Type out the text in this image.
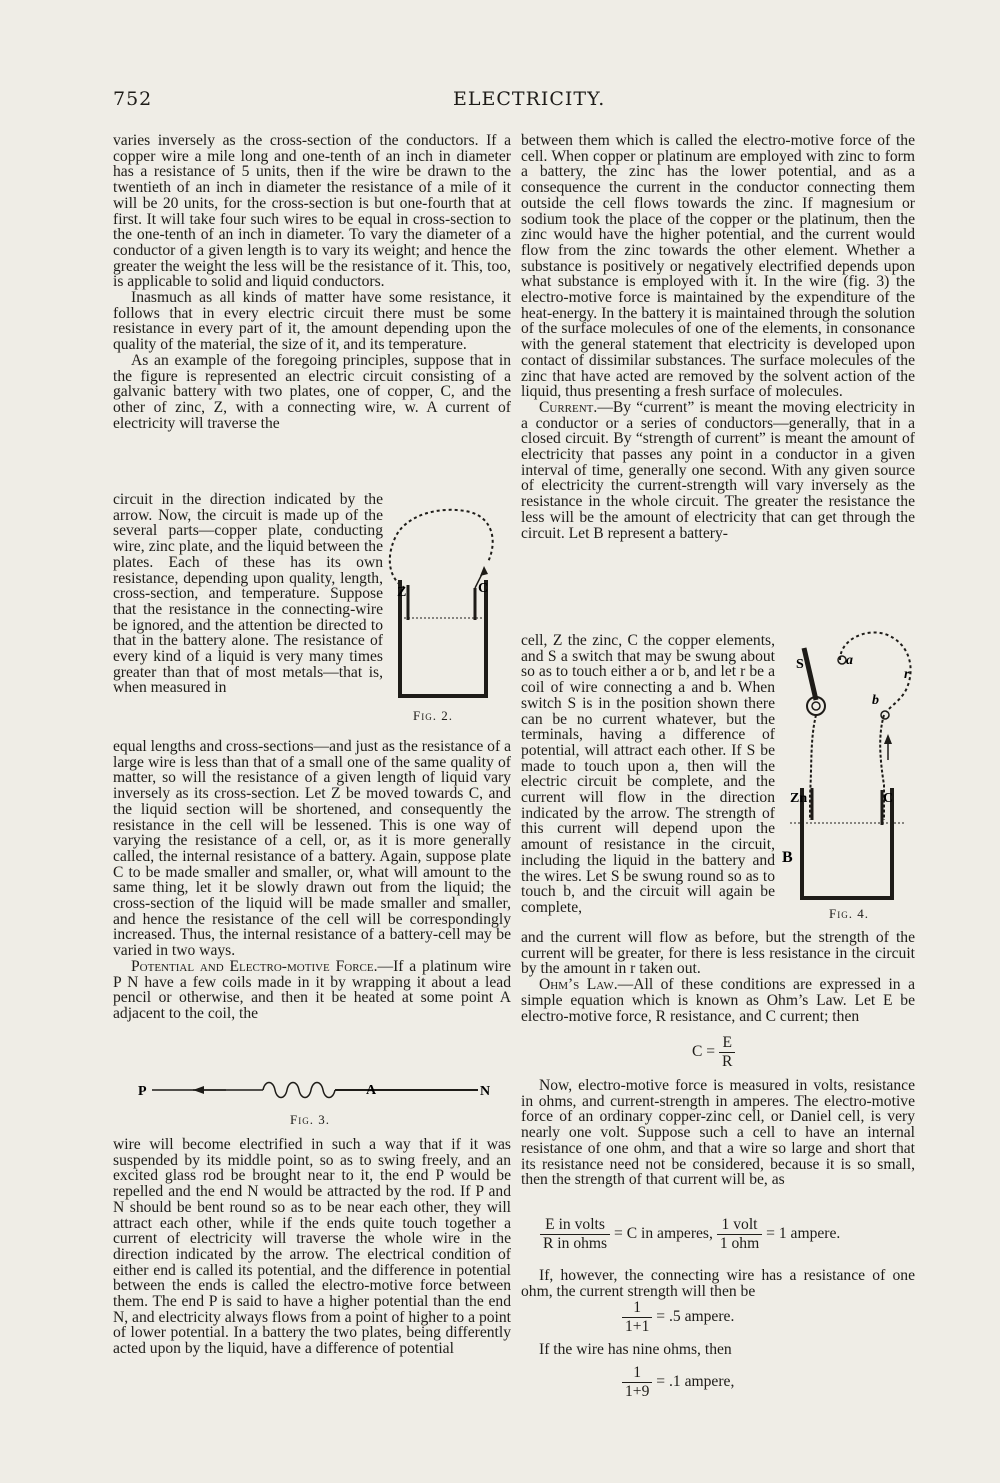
752	ELECTRICITY.

varies inversely as the cross-section of the conductors. If a copper wire a mile long and one-tenth of an inch in diameter has a resistance of 5 units, then if the wire be drawn to the twentieth of an inch in diameter the resistance of a mile of it will be 20 units, for the cross-section is but one-fourth that at first. It will take four such wires to be equal in cross-section to the one-tenth of an inch in diameter. To vary the diameter of a conductor of a given length is to vary its weight; and hence the greater the weight the less will be the resistance of it. This, too, is applicable to solid and liquid conductors.

Inasmuch as all kinds of matter have some resistance, it follows that in every electric circuit there must be some resistance in every part of it, the amount depending upon the quality of the material, the size of it, and its temperature.

As an example of the foregoing principles, suppose that in the figure is represented an electric circuit consisting of a galvanic battery with two plates, one of copper, C, and the other of zinc, Z, with a connecting wire, w. A current of electricity will traverse the

circuit in the direction indicated by the arrow. Now, the circuit is made up of the several parts—copper plate, conducting wire, zinc plate, and the liquid between the plates. Each of these has its own resistance, depending upon quality, length, cross-section, and temperature. Suppose that the resistance in the connecting-wire be ignored, and the attention be directed to that in the battery alone. The resistance of every kind of a liquid is very many times greater than that of most metals—that is, when measured in

equal lengths and cross-sections—and just as the resistance of a large wire is less than that of a small one of the same quality of matter, so will the resistance of a given length of liquid vary inversely as its cross-section. Let Z be moved towards C, and the liquid section will be shortened, and consequently the resistance in the cell will be lessened. This is one way of varying the resistance of a cell, or, as it is more generally called, the internal resistance of a battery. Again, suppose plate C to be made smaller and smaller, or, what will amount to the same thing, let it be slowly drawn out from the liquid; the cross-section of the liquid will be made smaller and smaller, and hence the resistance of the cell will be correspondingly increased. Thus, the internal resistance of a battery-cell may be varied in two ways.

Potential and Electro-motive Force.—If a platinum wire P N have a few coils made in it by wrapping it about a lead pencil or otherwise, and then it be heated at some point A adjacent to the coil, the

wire will become electrified in such a way that if it was suspended by its middle point, so as to swing freely, and an excited glass rod be brought near to it, the end P would be repelled and the end N would be attracted by the rod. If P and N should be bent round so as to be near each other, they will attract each other, while if the ends quite touch together a current of electricity will traverse the whole wire in the direction indicated by the arrow. The electrical condition of either end is called its potential, and the difference in potential between the ends is called the electro-motive force between them. The end P is said to have a higher potential than the end N, and electricity always flows from a point of higher to a point of lower potential. In a battery the two plates, being differently acted upon by the liquid, have a difference of potential

Z	C
Fig. 2.
P	A	N
Fig. 3.

between them which is called the electro-motive force of the cell. When copper or platinum are employed with zinc to form a battery, the zinc has the lower potential, and as a consequence the current in the conductor connecting them outside the cell flows towards the zinc. If magnesium or sodium took the place of the copper or the platinum, then the zinc would have the higher potential, and the current would flow from the zinc towards the other element. Whether a substance is positively or negatively electrified depends upon what substance is employed with it. In the wire (fig. 3) the electro-motive force is maintained by the expenditure of the heat-energy. In the battery it is maintained through the solution of the surface molecules of one of the elements, in consonance with the general statement that electricity is developed upon contact of dissimilar substances. The surface molecules of the zinc that have acted are removed by the solvent action of the liquid, thus presenting a fresh surface of molecules.

Current.—By “current” is meant the moving electricity in a conductor or a series of conductors—generally, that in a closed circuit. By “strength of current” is meant the amount of electricity that passes any point in a conductor in a given interval of time, generally one second. With any given source of electricity the current-strength will vary inversely as the resistance in the whole circuit. The greater the resistance the less will be the amount of electricity that can get through the circuit. Let B represent a battery-

cell, Z the zinc, C the copper elements, and S a switch that may be swung about so as to touch either a or b, and let r be a coil of wire connecting a and b. When switch S is in the position shown there can be no current whatever, but the terminals, having a difference of potential, will attract each other. If S be made to touch upon a, then will the electric circuit be complete, and the current will flow in the direction indicated by the arrow. The strength of this current will depend upon the amount of resistance in the circuit, including the liquid in the battery and the wires. Let S be swung round so as to touch b, and the circuit will again be complete,

and the current will flow as before, but the strength of the current will be greater, for there is less resistance in the circuit by the amount in r taken out.

Ohm’s Law.—All of these conditions are expressed in a simple equation which is known as Ohm’s Law. Let E be electro-motive force, R resistance, and C current; then

$C = \frac{E}{R}$

Now, electro-motive force is measured in volts, resistance in ohms, and current-strength in amperes. The electro-motive force of an ordinary copper-zinc cell, or Daniel cell, is very nearly one volt. Suppose such a cell to have an internal resistance of one ohm, and that a wire so large and short that its resistance need not be considered, because it is so small, then the strength of that current will be, as

$\frac{\text{E in volts}}{\text{R in ohms}} = C$ in amperes, $\frac{\text{1 volt}}{\text{1 ohm}} = 1$ ampere.

If, however, the connecting wire has a resistance of one ohm, the current strength will then be

$\frac{1}{1+1} = .5$ ampere.

If the wire has nine ohms, then

$\frac{1}{1+9} = .1$ ampere,
S	a
r
b
Zn	C
B
Fig. 4.
